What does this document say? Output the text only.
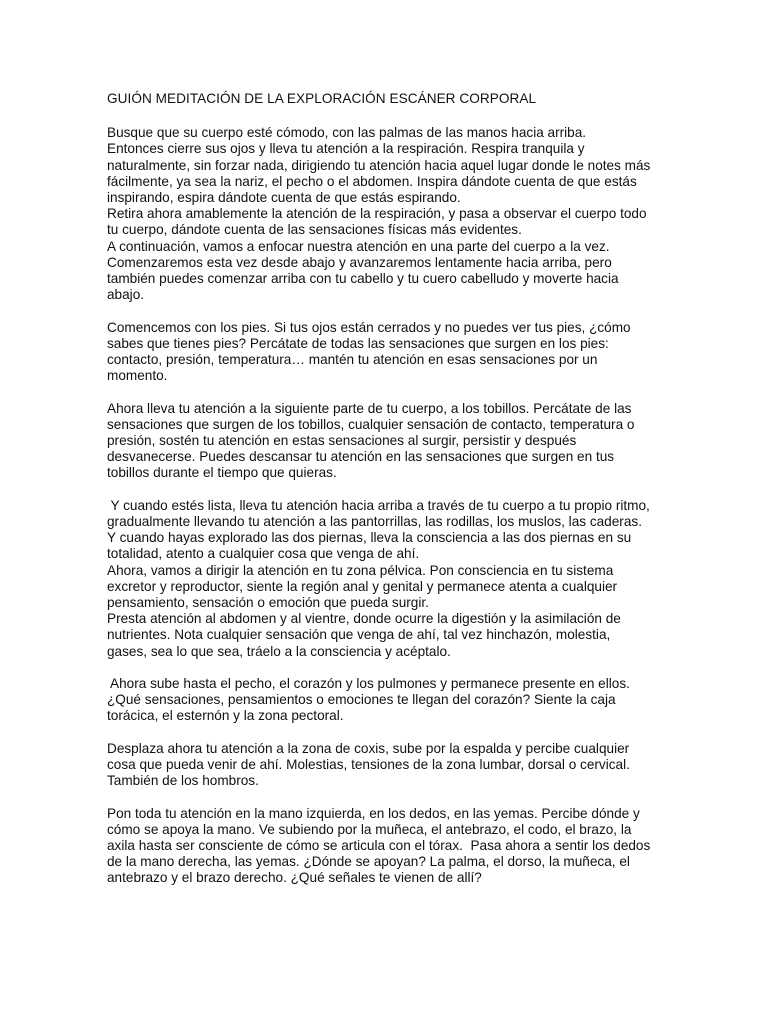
GUIÓN MEDITACIÓN DE LA EXPLORACIÓN ESCÁNER CORPORAL
Busque que su cuerpo esté cómodo, con las palmas de las manos hacia arriba.
Entonces cierre sus ojos y lleva tu atención a la respiración. Respira tranquila y
naturalmente, sin forzar nada, dirigiendo tu atención hacia aquel lugar donde le notes más
fácilmente, ya sea la nariz, el pecho o el abdomen. Inspira dándote cuenta de que estás
inspirando, espira dándote cuenta de que estás espirando.
Retira ahora amablemente la atención de la respiración, y pasa a observar el cuerpo todo
tu cuerpo, dándote cuenta de las sensaciones físicas más evidentes.
A continuación, vamos a enfocar nuestra atención en una parte del cuerpo a la vez.
Comenzaremos esta vez desde abajo y avanzaremos lentamente hacia arriba, pero
también puedes comenzar arriba con tu cabello y tu cuero cabelludo y moverte hacia
abajo.
Comencemos con los pies. Si tus ojos están cerrados y no puedes ver tus pies, ¿cómo
sabes que tienes pies? Percátate de todas las sensaciones que surgen en los pies:
contacto, presión, temperatura… mantén tu atención en esas sensaciones por un
momento.
Ahora lleva tu atención a la siguiente parte de tu cuerpo, a los tobillos. Percátate de las
sensaciones que surgen de los tobillos, cualquier sensación de contacto, temperatura o
presión, sostén tu atención en estas sensaciones al surgir, persistir y después
desvanecerse. Puedes descansar tu atención en las sensaciones que surgen en tus
tobillos durante el tiempo que quieras.
Y cuando estés lista, lleva tu atención hacia arriba a través de tu cuerpo a tu propio ritmo,
gradualmente llevando tu atención a las pantorrillas, las rodillas, los muslos, las caderas.
Y cuando hayas explorado las dos piernas, lleva la consciencia a las dos piernas en su
totalidad, atento a cualquier cosa que venga de ahí.
Ahora, vamos a dirigir la atención en tu zona pélvica. Pon consciencia en tu sistema
excretor y reproductor, siente la región anal y genital y permanece atenta a cualquier
pensamiento, sensación o emoción que pueda surgir.
Presta atención al abdomen y al vientre, donde ocurre la digestión y la asimilación de
nutrientes. Nota cualquier sensación que venga de ahí, tal vez hinchazón, molestia,
gases, sea lo que sea, tráelo a la consciencia y acéptalo.
Ahora sube hasta el pecho, el corazón y los pulmones y permanece presente en ellos.
¿Qué sensaciones, pensamientos o emociones te llegan del corazón? Siente la caja
torácica, el esternón y la zona pectoral.
Desplaza ahora tu atención a la zona de coxis, sube por la espalda y percibe cualquier
cosa que pueda venir de ahí. Molestias, tensiones de la zona lumbar, dorsal o cervical.
También de los hombros.
Pon toda tu atención en la mano izquierda, en los dedos, en las yemas. Percibe dónde y
cómo se apoya la mano. Ve subiendo por la muñeca, el antebrazo, el codo, el brazo, la
axila hasta ser consciente de cómo se articula con el tórax.  Pasa ahora a sentir los dedos
de la mano derecha, las yemas. ¿Dónde se apoyan? La palma, el dorso, la muñeca, el
antebrazo y el brazo derecho. ¿Qué señales te vienen de allí?
